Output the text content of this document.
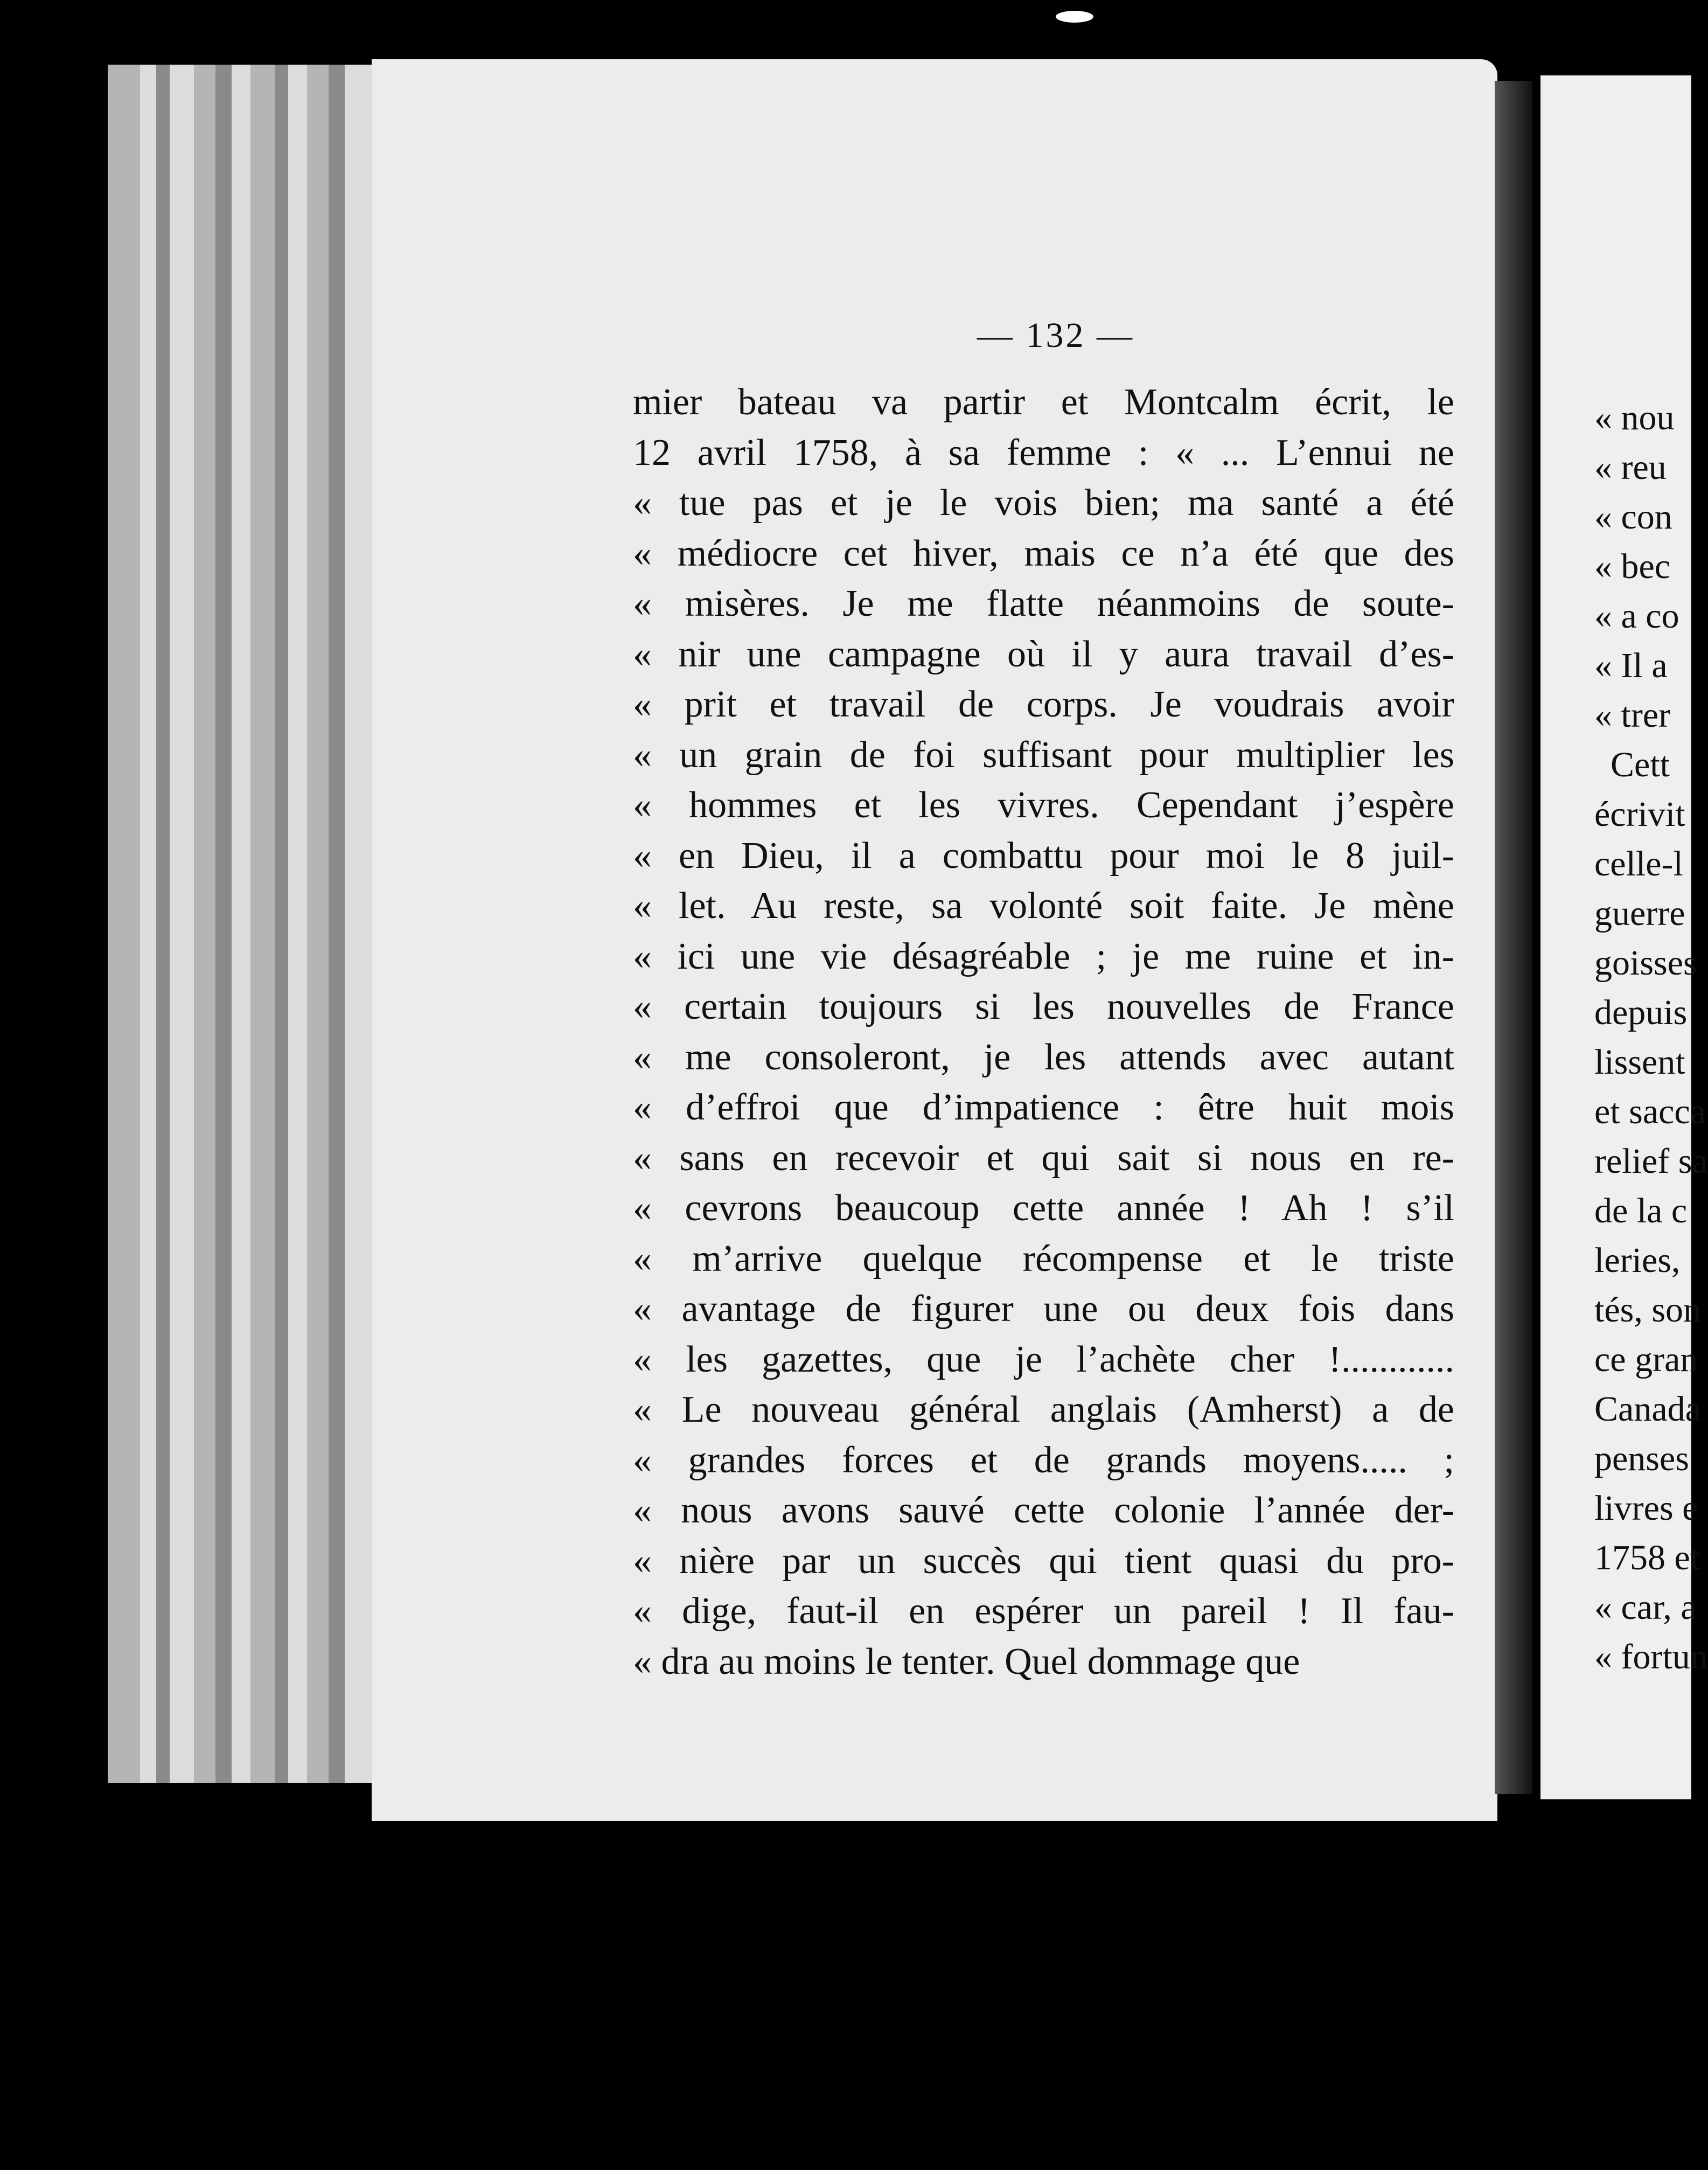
— 132 —
mier bateau va partir et Montcalm écrit, le
12 avril 1758, à sa femme : « ... L’ennui ne
« tue pas et je le vois bien; ma santé a été
« médiocre cet hiver, mais ce n’a été que des
« misères. Je me flatte néanmoins de soute-
« nir une campagne où il y aura travail d’es-
« prit et travail de corps. Je voudrais avoir
« un grain de foi suffisant pour multiplier les
« hommes et les vivres. Cependant j’espère
« en Dieu, il a combattu pour moi le 8 juil-
« let. Au reste, sa volonté soit faite. Je mène
« ici une vie désagréable ; je me ruine et in-
« certain toujours si les nouvelles de France
« me consoleront, je les attends avec autant
« d’effroi que d’impatience : être huit mois
« sans en recevoir et qui sait si nous en re-
« cevrons beaucoup cette année ! Ah ! s’il
« m’arrive quelque récompense et le triste
« avantage de figurer une ou deux fois dans
« les gazettes, que je l’achète cher !............
« Le nouveau général anglais (Amherst) a de
« grandes forces et de grands moyens..... ;
« nous avons sauvé cette colonie l’année der-
« nière par un succès qui tient quasi du pro-
« dige, faut-il en espérer un pareil ! Il fau-
« dra au moins le tenter. Quel dommage que
« nou
« reu
« con
« bec
« a co
« Il a
« trer
Cett
écrivit
celle-l
guerre
goisses
depuis
lissent
et sacca
relief sa
de la c
leries,
tés, son
ce gran
Canada
penses
livres e
1758 et
« car, a
« fortun
